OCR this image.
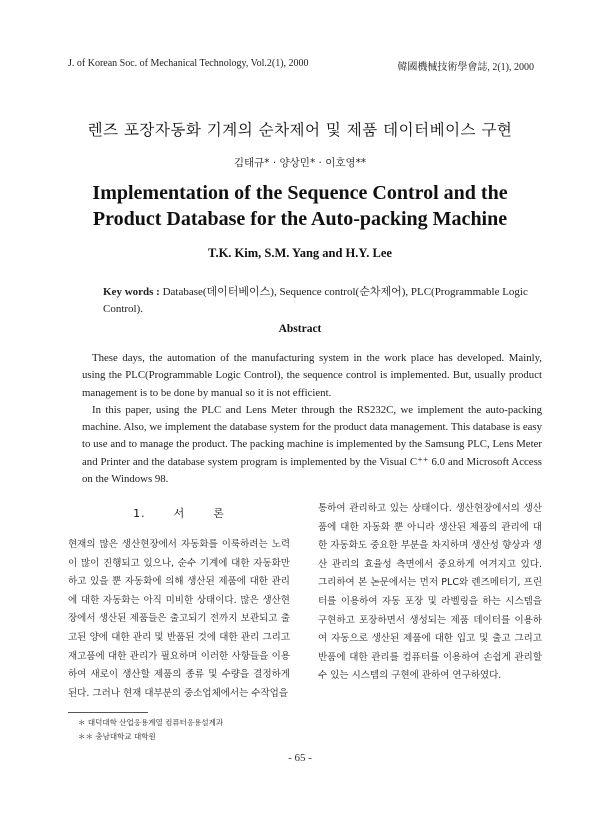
J. of Korean Soc. of Mechanical Technology, Vol.2(1), 2000	韓國機械技術學會誌, 2(1), 2000
렌즈 포장자동화 기계의 순차제어 및 제품 데이터베이스 구현
김태규* · 양상민* · 이호영**
Implementation of the Sequence Control and the
Product Database for the Auto-packing Machine
T.K. Kim, S.M. Yang and H.Y. Lee
Key words : Database(데이터베이스), Sequence control(순차제어), PLC(Programmable Logic Control).
Abstract

These days, the automation of the manufacturing system in the work place has developed. Mainly, using the PLC(Programmable Logic Control), the sequence control is implemented. But, usually product management is to be done by manual so it is not efficient.

In this paper, using the PLC and Lens Meter through the RS232C, we implement the auto-packing machine. Also, we implement the database system for the product data management. This database is easy to use and to manage the product. The packing machine is implemented by the Samsung PLC, Lens Meter and Printer and the database system program is implemented by the Visual C⁺⁺ 6.0 and Microsoft Access on the Windows 98.

1.	서	론

현재의 많은 생산현장에서 자동화를 이룩하려는 노력이 많이 진행되고 있으나, 순수 기계에 대한 자동화만 하고 있을 뿐 자동화에 의해 생산된 제품에 대한 관리에 대한 자동화는 아직 미비한 상태이다. 많은 생산현장에서 생산된 제품들은 출고되기 전까지 보관되고 출고된 양에 대한 관리 및 반품된 것에 대한 관리 그리고 재고품에 대한 관리가 필요하며 이러한 사항들을 이용하여 새로이 생산할 제품의 종류 및 수량을 결정하게 된다. 그러나 현재 대부분의 중소업체에서는 수작업을

통하여 관리하고 있는 상태이다. 생산현장에서의 생산품에 대한 자동화 뿐 아니라 생산된 제품의 관리에 대한 자동화도 중요한 부분을 차지하며 생산성 향상과 생산 관리의 효율성 측면에서 중요하게 여겨지고 있다. 그리하여 본 논문에서는 먼저 PLC와 렌즈메터기, 프린터를 이용하여 자동 포장 및 라벨링을 하는 시스템을 구현하고 포장하면서 생성되는 제품 데이터를 이용하여 자동으로 생산된 제품에 대한 입고 및 출고 그리고 반품에 대한 관리를 컴퓨터를 이용하여 손쉽게 관리할 수 있는 시스템의 구현에 관하여 연구하였다.

＊ 대덕대학 산업응용계열 컴퓨터응용설계과
＊＊ 충남대학교 대학원
- 65 -
